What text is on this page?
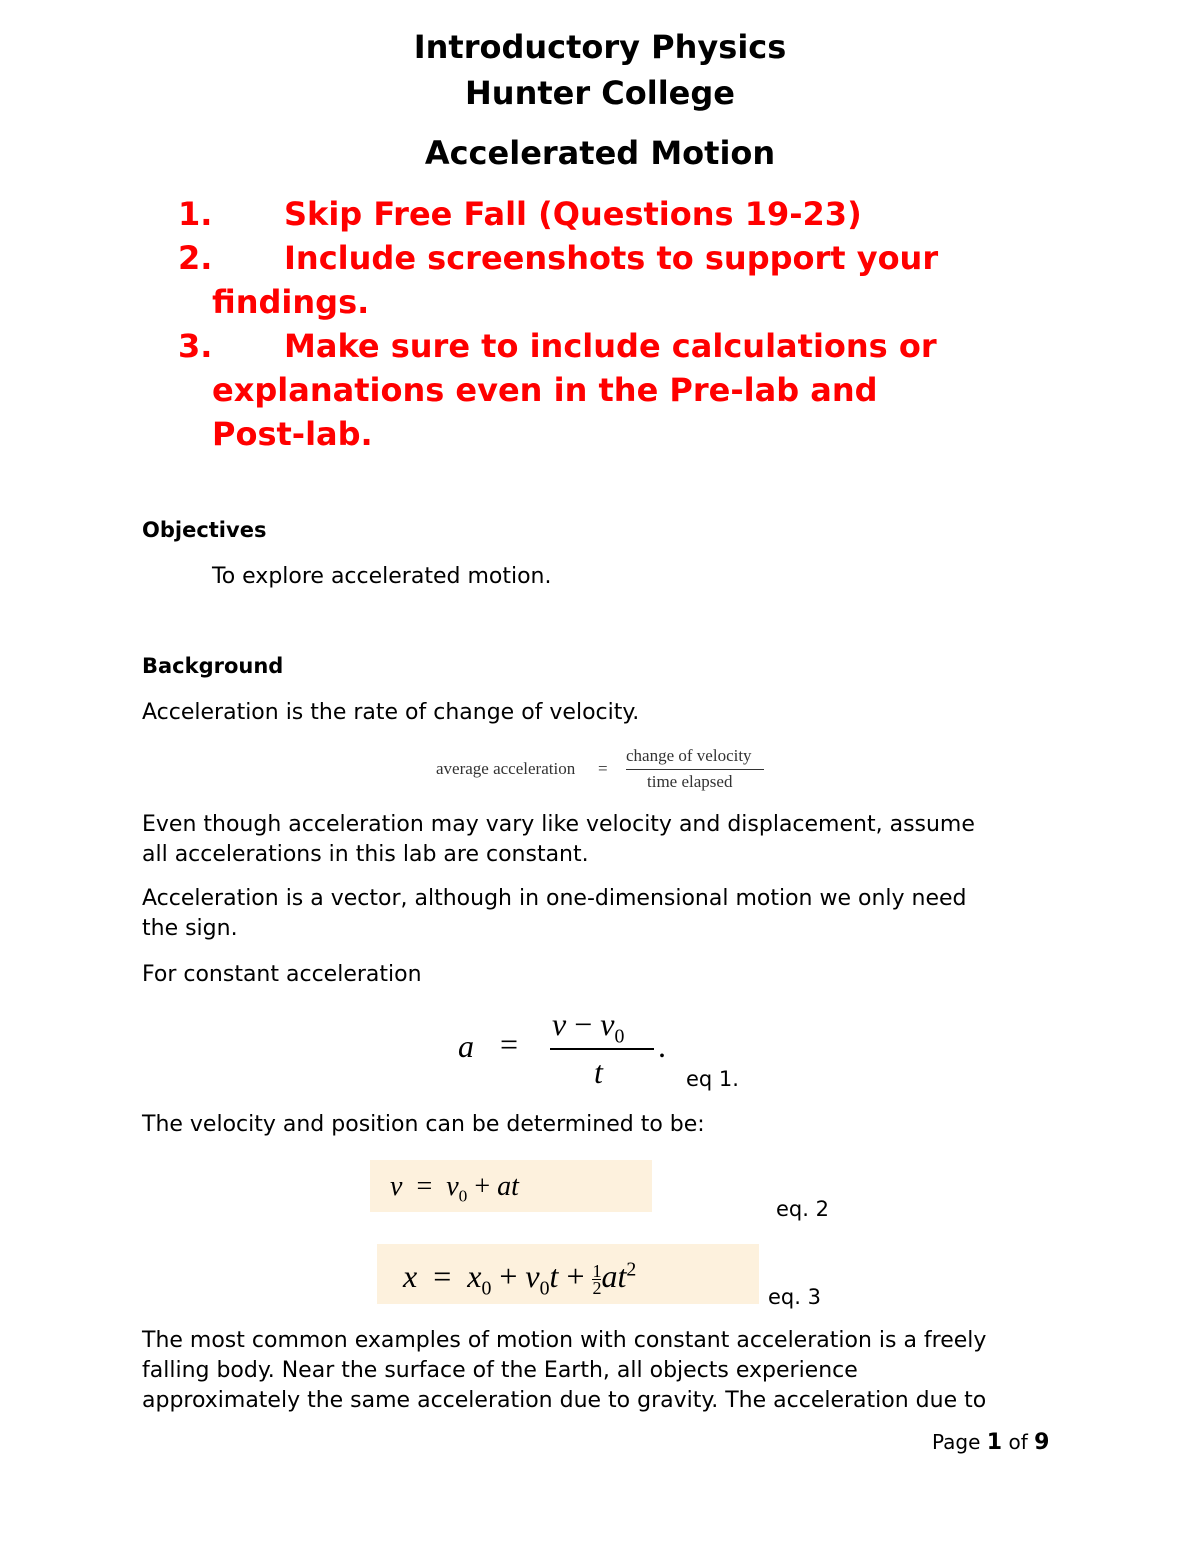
Introductory Physics
Hunter College
Accelerated Motion
1. Skip Free Fall (Questions 19-23)
2. Include screenshots to support your
findings.
3. Make sure to include calculations or
explanations even in the Pre-lab and
Post-lab.
Objectives
To explore accelerated motion.
Background
Acceleration is the rate of change of velocity.
average acceleration =
change of velocity
time elapsed
Even though acceleration may vary like velocity and displacement, assume
all accelerations in this lab are constant.
Acceleration is a vector, although in one-dimensional motion we only need
the sign.
For constant acceleration
a =
$v - v_0$
t
.
eq 1.
The velocity and position can be determined to be:
$v = v_0$ + at
eq. 2
$x = x_0 + v_0t + \frac{1}{2} at^2$
eq. 3
The most common examples of motion with constant acceleration is a freely
falling body. Near the surface of the Earth, all objects experience
approximately the same acceleration due to gravity. The acceleration due to
Page 1 of 9
